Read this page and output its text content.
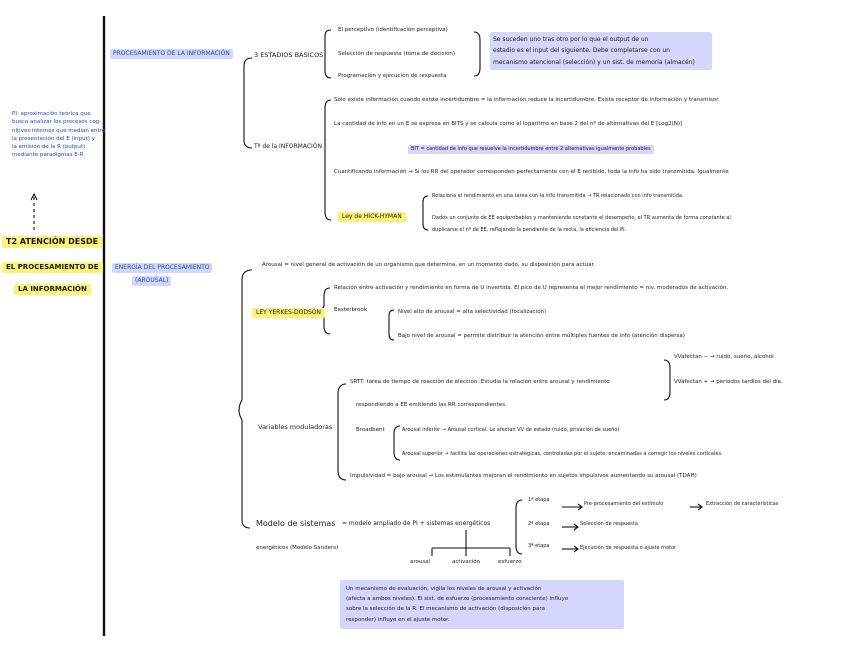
PI: aproximación teórica que
busca analizar los procesos cog-
nitivos internos que median entre
la presentación del E (input) y
la emisión de la R (output)
mediante paradigmas E-R
T2 ATENCIÓN DESDE
EL PROCESAMIENTO DE
LA INFORMACIÓN
PROCESAMIENTO DE LA INFORMACIÓN	3 ESTADIOS BÁSICOS
El perceptivo (identificación perceptiva)
Selección de respuesta (toma de decisión)
Programación y ejecución de respuesta
Se suceden uno tras otro por lo que el output de un
estadio es el input del siguiente. Debe completarse con un
mecanismo atencional (selección) y un sist. de memoria (almacén)
Tª de la INFORMACIÓN
Solo existe información cuando existe incertidumbre = la información reduce la incertidumbre. Existe receptor de información y transmisor.
La cantidad de info en un E se expresa en BITS y se calcula como el logaritmo en base 2 del nº de alternativas del E [Log2(N)]
BIT = cantidad de info que resuelve la incertidumbre entre 2 alternativas igualmente probables
Cuantificando información → Si los RR del operador corresponden perfectamente con el E recibido, toda la info ha sido transmitida. Igualmente
Ley de HICK-HYMAN
Relaciona el rendimiento en una tarea con la info transmitida → TR relacionado con info transmitida.
Dados un conjunto de EE equiprobables y manteniendo constante el desempeño, el TR aumenta de forma constante al
duplicarse el nº de EE, reflejando la pendiente de la recta, la eficiencia del PI.
ENERGÍA DEL PROCESAMIENTO
(AROUSAL)
Arousal = nivel general de activación de un organismo que determina, en un momento dado, su disposición para actuar.
LEY YERKES-DODSON
Relación entre activación y rendimiento en forma de U invertida. El pico de U representa el mejor rendimiento = niv. moderados de activación.
Easterbrook	Nivel alto de arousal = alta selectividad (focalización)
Bajo nivel de arousal = permite distribuir la atención entre múltiples fuentes de info (atención dispersa)
Variables moduladoras
SRTT: tarea de tiempo de reacción de elección. Estudia la relación entre arousal y rendimiento
respondiendo a EE emitiendo las RR correspondientes.
VVafectan − → ruido, sueño, alcohol
VVafectan + → periodos tardíos del día.
Broadbent	Arousal inferior → Arousal cortical. Le afectan VV de estado (ruido, privación de sueño)
Arousal superior → facilita las operaciones estratégicas, controladas por el sujeto, encaminadas a corregir los niveles corticales.
Impulsividad = bajo arousal → Los estimulantes mejoran el rendimiento en sujetos impulsivos aumentando su arousal (TDAH)
Modelo de sistemas
energéticos (Modelo Sanders)
= modelo ampliado de PI + sistemas energéticos
1ª etapa
Pre-procesamiento del estímulo	Extracción de características
2ª etapa	Selección de respuesta
3ª etapa	Ejecución de respuesta o ajuste motor
arousal	activación	esfuerzo
Un mecanismo de evaluación, vigila los niveles de arousal y activación
(afecta a ambos niveles). El sist. de esfuerzo (procesamiento consciente) influye
sobre la selección de la R. El mecanismo de activación (disposición para
responder) influye en el ajuste motor.
